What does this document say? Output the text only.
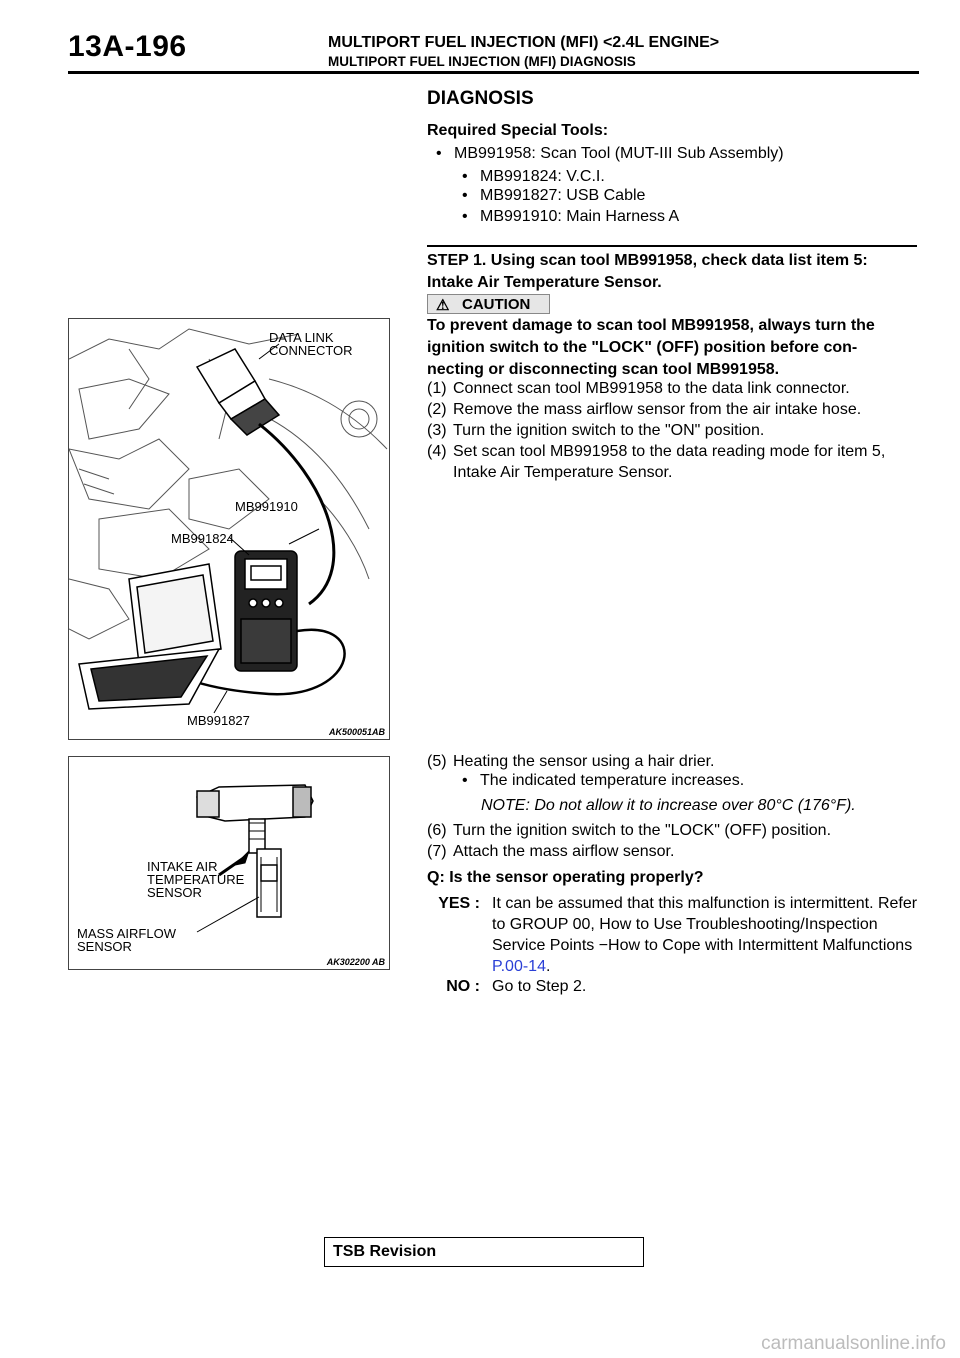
13A-196	MULTIPORT FUEL INJECTION (MFI) <2.4L ENGINE>
MULTIPORT FUEL INJECTION (MFI) DIAGNOSIS
DIAGNOSIS
Required Special Tools:
• MB991958: Scan Tool (MUT-III Sub Assembly)
• MB991824: V.C.I.
• MB991827: USB Cable
• MB991910: Main Harness A
STEP 1. Using scan tool MB991958, check data list item 5:
Intake Air Temperature Sensor.
⚠ CAUTION
To prevent damage to scan tool MB991958, always turn the
ignition switch to the "LOCK" (OFF) position before con-
necting or disconnecting scan tool MB991958.
(1) Connect scan tool MB991958 to the data link connector.
(2) Remove the mass airflow sensor from the air intake hose.
(3) Turn the ignition switch to the "ON" position.
(4) Set scan tool MB991958 to the data reading mode for item 5, Intake Air Temperature Sensor.
(5) Heating the sensor using a hair drier.
• The indicated temperature increases.
NOTE: Do not allow it to increase over 80°C (176°F).
(6) Turn the ignition switch to the "LOCK" (OFF) position.
(7) Attach the mass airflow sensor.
Q: Is the sensor operating properly?
YES : It can be assumed that this malfunction is intermittent. Refer to GROUP 00, How to Use Troubleshooting/Inspection Service Points −How to Cope with Intermittent Malfunctions P.00-14.
NO : Go to Step 2.
DATA LINK
CONNECTOR
MB991910
MB991824
MB991827
AK500051AB
INTAKE AIR
TEMPERATURE
SENSOR
MASS AIRFLOW
SENSOR
AK302200 AB
TSB Revision
carmanualsonline.info
